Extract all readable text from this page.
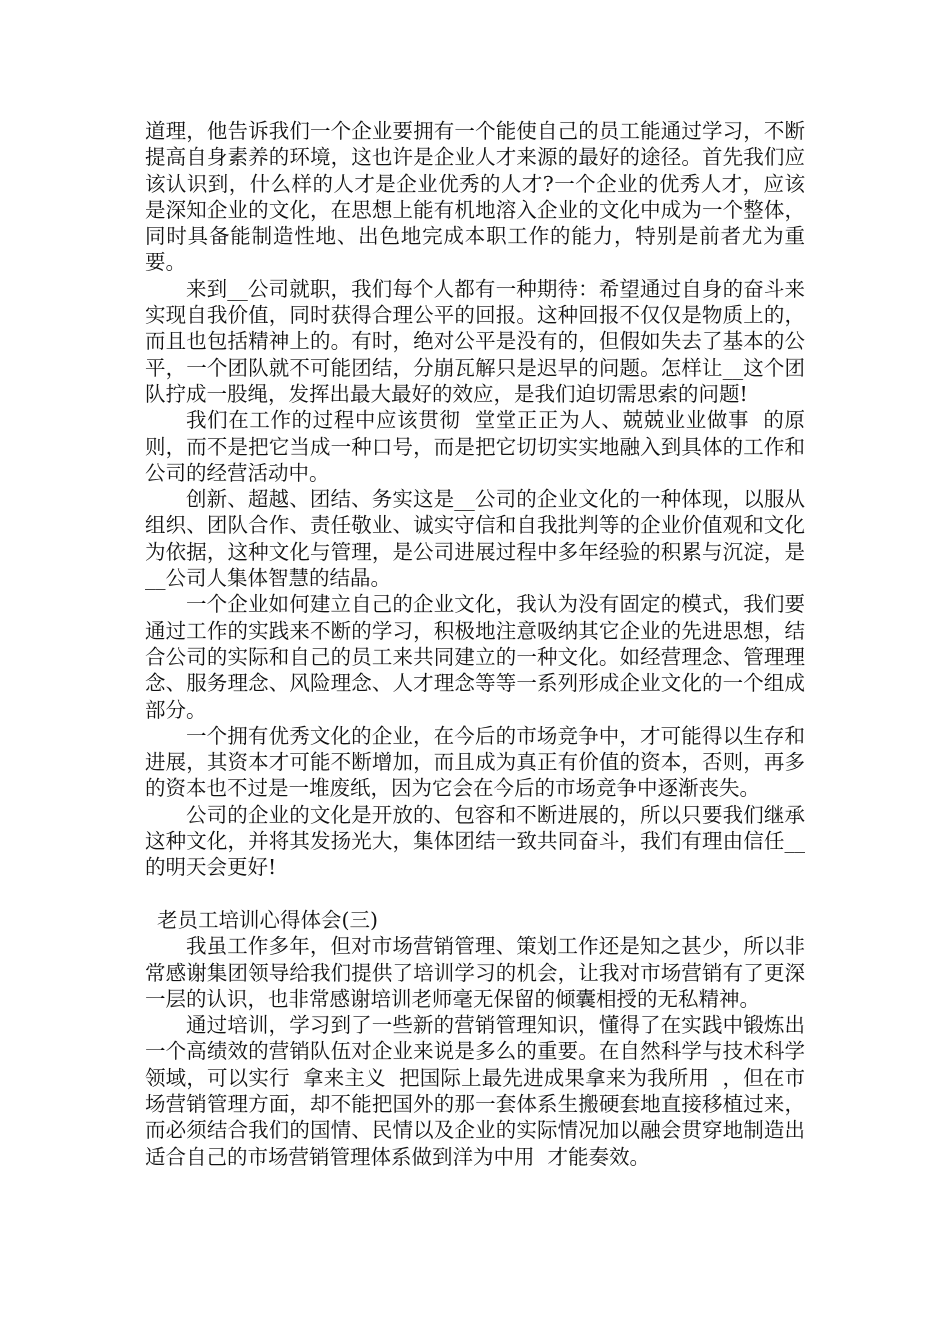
道理，他告诉我们一个企业要拥有一个能使自己的员工能通过学习，不断提高自身素养的环境，这也许是企业人才来源的最好的途径。首先我们应该认识到，什么样的人才是企业优秀的人才?一个企业的优秀人才，应该是深知企业的文化，在思想上能有机地溶入企业的文化中成为一个整体，同时具备能制造性地、出色地完成本职工作的能力，特别是前者尤为重要。

来到__公司就职，我们每个人都有一种期待：希望通过自身的奋斗来实现自我价值，同时获得合理公平的回报。这种回报不仅仅是物质上的，而且也包括精神上的。有时，绝对公平是没有的，但假如失去了基本的公平，一个团队就不可能团结，分崩瓦解只是迟早的问题。怎样让__这个团队拧成一股绳，发挥出最大最好的效应，是我们迫切需思索的问题!

我们在工作的过程中应该贯彻  堂堂正正为人、兢兢业业做事  的原则，而不是把它当成一种口号，而是把它切切实实地融入到具体的工作和公司的经营活动中。

创新、超越、团结、务实这是__公司的企业文化的一种体现，以服从组织、团队合作、责任敬业、诚实守信和自我批判等的企业价值观和文化为依据，这种文化与管理，是公司进展过程中多年经验的积累与沉淀，是__公司人集体智慧的结晶。

一个企业如何建立自己的企业文化，我认为没有固定的模式，我们要通过工作的实践来不断的学习，积极地注意吸纳其它企业的先进思想，结合公司的实际和自己的员工来共同建立的一种文化。如经营理念、管理理念、服务理念、风险理念、人才理念等等一系列形成企业文化的一个组成部分。

一个拥有优秀文化的企业，在今后的市场竞争中，才可能得以生存和进展，其资本才可能不断增加，而且成为真正有价值的资本，否则，再多的资本也不过是一堆废纸，因为它会在今后的市场竞争中逐渐丧失。

公司的企业的文化是开放的、包容和不断进展的，所以只要我们继承这种文化，并将其发扬光大，集体团结一致共同奋斗，我们有理由信任__的明天会更好!

老员工培训心得体会(三)

我虽工作多年，但对市场营销管理、策划工作还是知之甚少，所以非常感谢集团领导给我们提供了培训学习的机会，让我对市场营销有了更深一层的认识，也非常感谢培训老师毫无保留的倾囊相授的无私精神。

通过培训，学习到了一些新的营销管理知识，懂得了在实践中锻炼出一个高绩效的营销队伍对企业来说是多么的重要。在自然科学与技术科学领域，可以实行  拿来主义  把国际上最先进成果拿来为我所用  ，但在市场营销管理方面，却不能把国外的那一套体系生搬硬套地直接移植过来，而必须结合我们的国情、民情以及企业的实际情况加以融会贯穿地制造出适合自己的市场营销管理体系做到洋为中用  才能奏效。
